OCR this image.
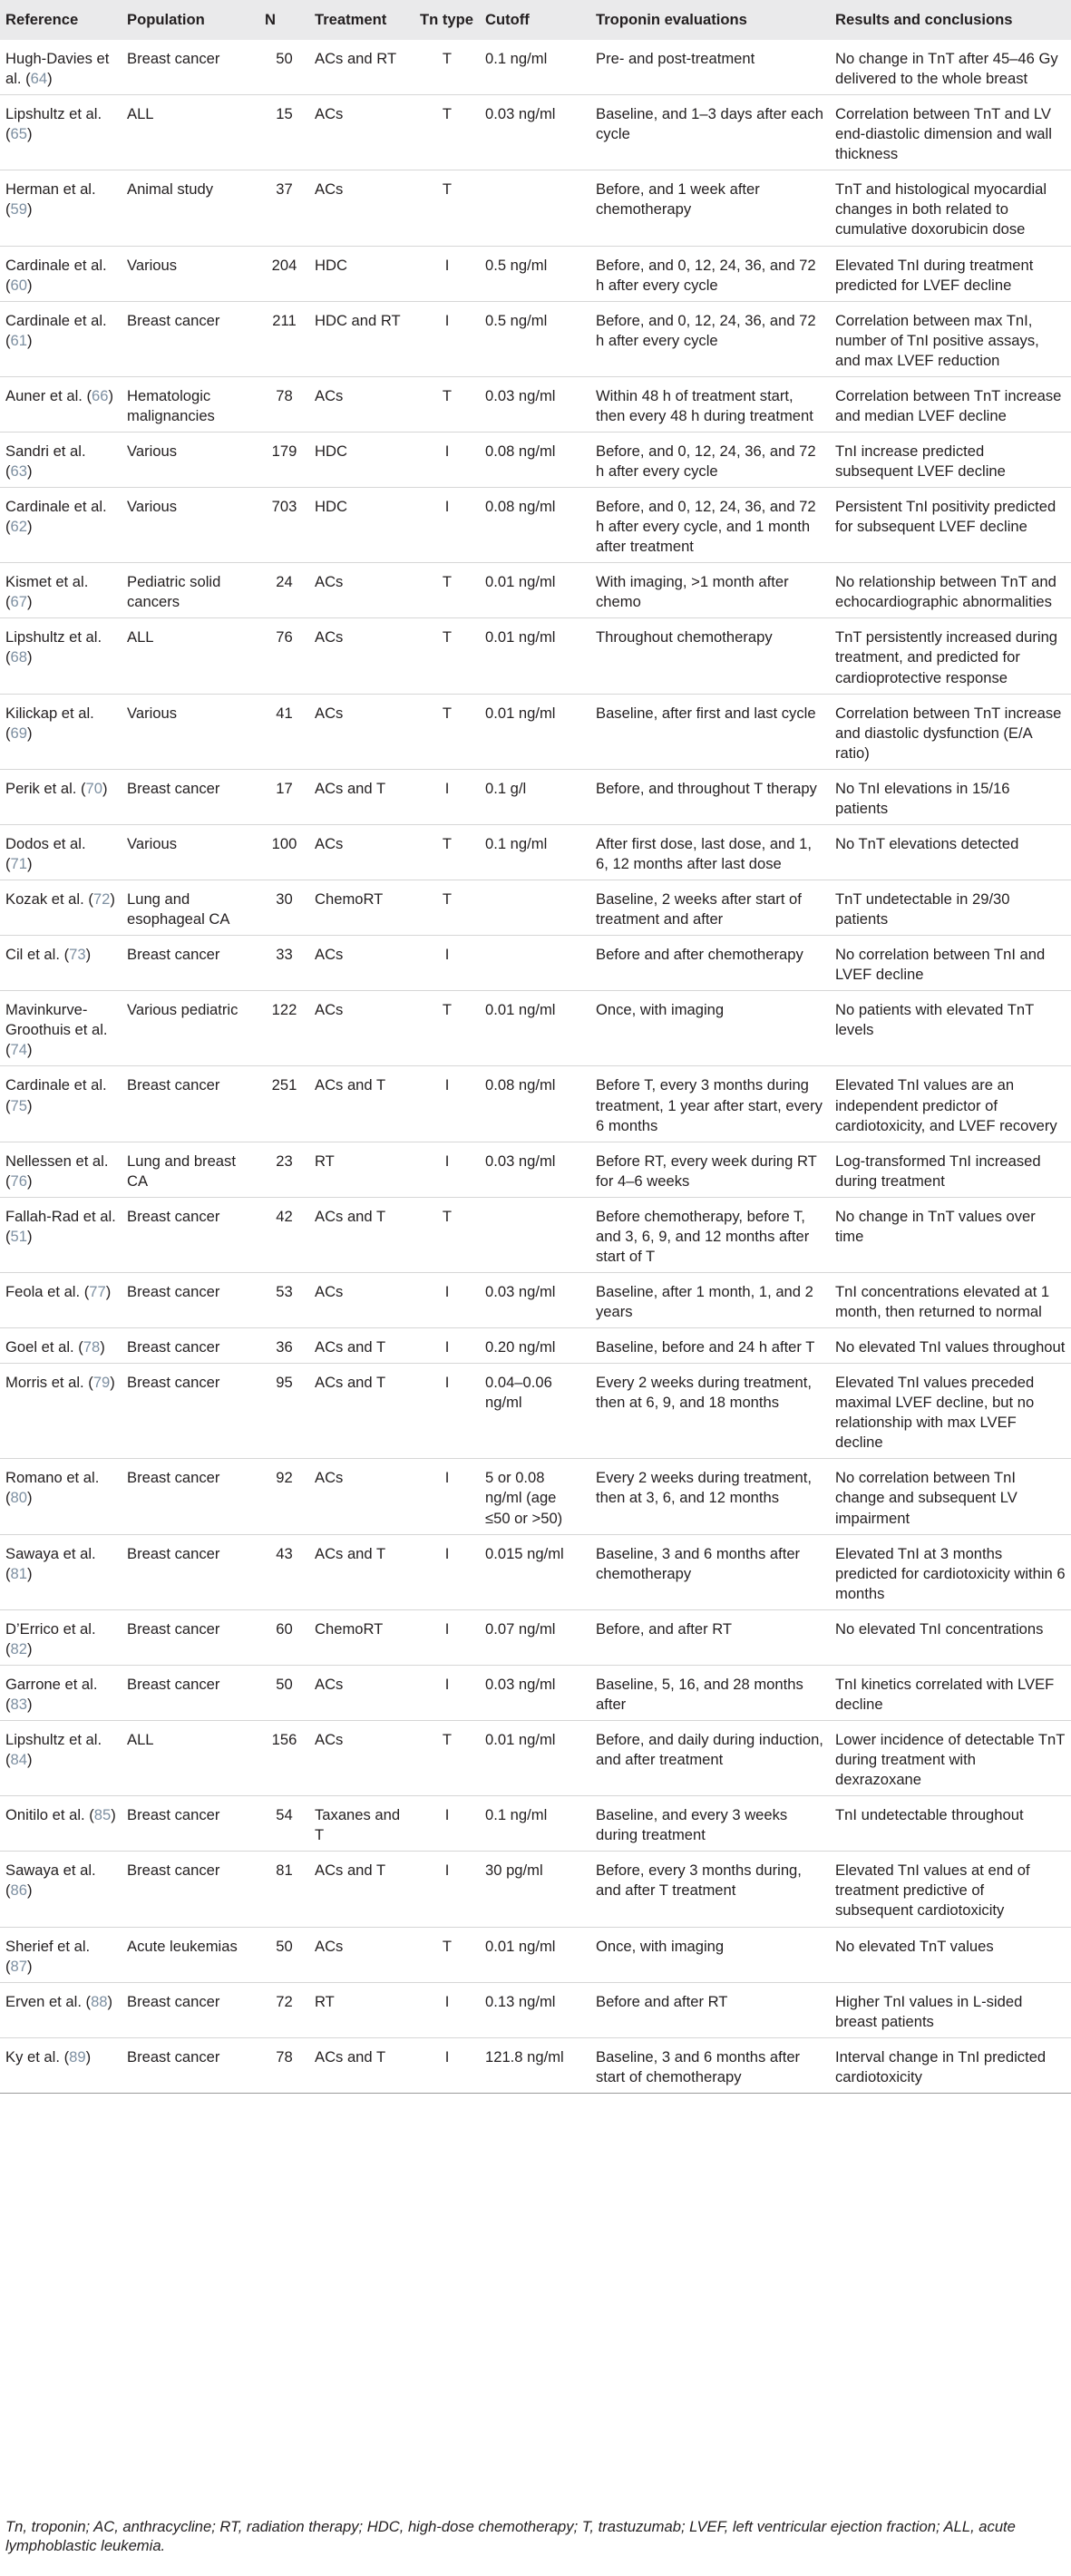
Reference	Population	N	Treatment	Tn type	Cutoff	Troponin evaluations	Results and conclusions
Hugh-Davies et al. (64)	Breast cancer	50	ACs and RT	T	0.1 ng/ml	Pre- and post-treatment	No change in TnT after 45–46 Gy delivered to the whole breast
Lipshultz et al. (65)	ALL	15	ACs	T	0.03 ng/ml	Baseline, and 1–3 days after each cycle	Correlation between TnT and LV end-diastolic dimension and wall thickness
Herman et al. (59)	Animal study	37	ACs	T		Before, and 1 week after chemotherapy	TnT and histological myocardial changes in both related to cumulative doxorubicin dose
Cardinale et al. (60)	Various	204	HDC	I	0.5 ng/ml	Before, and 0, 12, 24, 36, and 72 h after every cycle	Elevated TnI during treatment predicted for LVEF decline
Cardinale et al. (61)	Breast cancer	211	HDC and RT	I	0.5 ng/ml	Before, and 0, 12, 24, 36, and 72 h after every cycle	Correlation between max TnI, number of TnI positive assays, and max LVEF reduction
Auner et al. (66)	Hematologic malignancies	78	ACs	T	0.03 ng/ml	Within 48 h of treatment start, then every 48 h during treatment	Correlation between TnT increase and median LVEF decline
Sandri et al. (63)	Various	179	HDC	I	0.08 ng/ml	Before, and 0, 12, 24, 36, and 72 h after every cycle	TnI increase predicted subsequent LVEF decline
Cardinale et al. (62)	Various	703	HDC	I	0.08 ng/ml	Before, and 0, 12, 24, 36, and 72 h after every cycle, and 1 month after treatment	Persistent TnI positivity predicted for subsequent LVEF decline
Kismet et al. (67)	Pediatric solid cancers	24	ACs	T	0.01 ng/ml	With imaging, >1 month after chemo	No relationship between TnT and echocardiographic abnormalities
Lipshultz et al. (68)	ALL	76	ACs	T	0.01 ng/ml	Throughout chemotherapy	TnT persistently increased during treatment, and predicted for cardioprotective response
Kilickap et al. (69)	Various	41	ACs	T	0.01 ng/ml	Baseline, after first and last cycle	Correlation between TnT increase and diastolic dysfunction (E/A ratio)
Perik et al. (70)	Breast cancer	17	ACs and T	I	0.1 g/l	Before, and throughout T therapy	No TnI elevations in 15/16 patients
Dodos et al. (71)	Various	100	ACs	T	0.1 ng/ml	After first dose, last dose, and 1, 6, 12 months after last dose	No TnT elevations detected
Kozak et al. (72)	Lung and esophageal CA	30	ChemoRT	T		Baseline, 2 weeks after start of treatment and after	TnT undetectable in 29/30 patients
Cil et al. (73)	Breast cancer	33	ACs	I		Before and after chemotherapy	No correlation between TnI and LVEF decline
Mavinkurve-Groothuis et al. (74)	Various pediatric	122	ACs	T	0.01 ng/ml	Once, with imaging	No patients with elevated TnT levels
Cardinale et al. (75)	Breast cancer	251	ACs and T	I	0.08 ng/ml	Before T, every 3 months during treatment, 1 year after start, every 6 months	Elevated TnI values are an independent predictor of cardiotoxicity, and LVEF recovery
Nellessen et al. (76)	Lung and breast CA	23	RT	I	0.03 ng/ml	Before RT, every week during RT for 4–6 weeks	Log-transformed TnI increased during treatment
Fallah-Rad et al. (51)	Breast cancer	42	ACs and T	T		Before chemotherapy, before T, and 3, 6, 9, and 12 months after start of T	No change in TnT values over time
Feola et al. (77)	Breast cancer	53	ACs	I	0.03 ng/ml	Baseline, after 1 month, 1, and 2 years	TnI concentrations elevated at 1 month, then returned to normal
Goel et al. (78)	Breast cancer	36	ACs and T	I	0.20 ng/ml	Baseline, before and 24 h after T	No elevated TnI values throughout
Morris et al. (79)	Breast cancer	95	ACs and T	I	0.04–0.06 ng/ml	Every 2 weeks during treatment, then at 6, 9, and 18 months	Elevated TnI values preceded maximal LVEF decline, but no relationship with max LVEF decline
Romano et al. (80)	Breast cancer	92	ACs	I	5 or 0.08 ng/ml (age ≤50 or >50)	Every 2 weeks during treatment, then at 3, 6, and 12 months	No correlation between TnI change and subsequent LV impairment
Sawaya et al. (81)	Breast cancer	43	ACs and T	I	0.015 ng/ml	Baseline, 3 and 6 months after chemotherapy	Elevated TnI at 3 months predicted for cardiotoxicity within 6 months
D’Errico et al. (82)	Breast cancer	60	ChemoRT	I	0.07 ng/ml	Before, and after RT	No elevated TnI concentrations
Garrone et al. (83)	Breast cancer	50	ACs	I	0.03 ng/ml	Baseline, 5, 16, and 28 months after	TnI kinetics correlated with LVEF decline
Lipshultz et al. (84)	ALL	156	ACs	T	0.01 ng/ml	Before, and daily during induction, and after treatment	Lower incidence of detectable TnT during treatment with dexrazoxane
Onitilo et al. (85)	Breast cancer	54	Taxanes and T	I	0.1 ng/ml	Baseline, and every 3 weeks during treatment	TnI undetectable throughout
Sawaya et al. (86)	Breast cancer	81	ACs and T	I	30 pg/ml	Before, every 3 months during, and after T treatment	Elevated TnI values at end of treatment predictive of subsequent cardiotoxicity
Sherief et al. (87)	Acute leukemias	50	ACs	T	0.01 ng/ml	Once, with imaging	No elevated TnT values
Erven et al. (88)	Breast cancer	72	RT	I	0.13 ng/ml	Before and after RT	Higher TnI values in L-sided breast patients
Ky et al. (89)	Breast cancer	78	ACs and T	I	121.8 ng/ml	Baseline, 3 and 6 months after start of chemotherapy	Interval change in TnI predicted cardiotoxicity

Tn, troponin; AC, anthracycline; RT, radiation therapy; HDC, high-dose chemotherapy; T, trastuzumab; LVEF, left ventricular ejection fraction; ALL, acute lymphoblastic leukemia.
